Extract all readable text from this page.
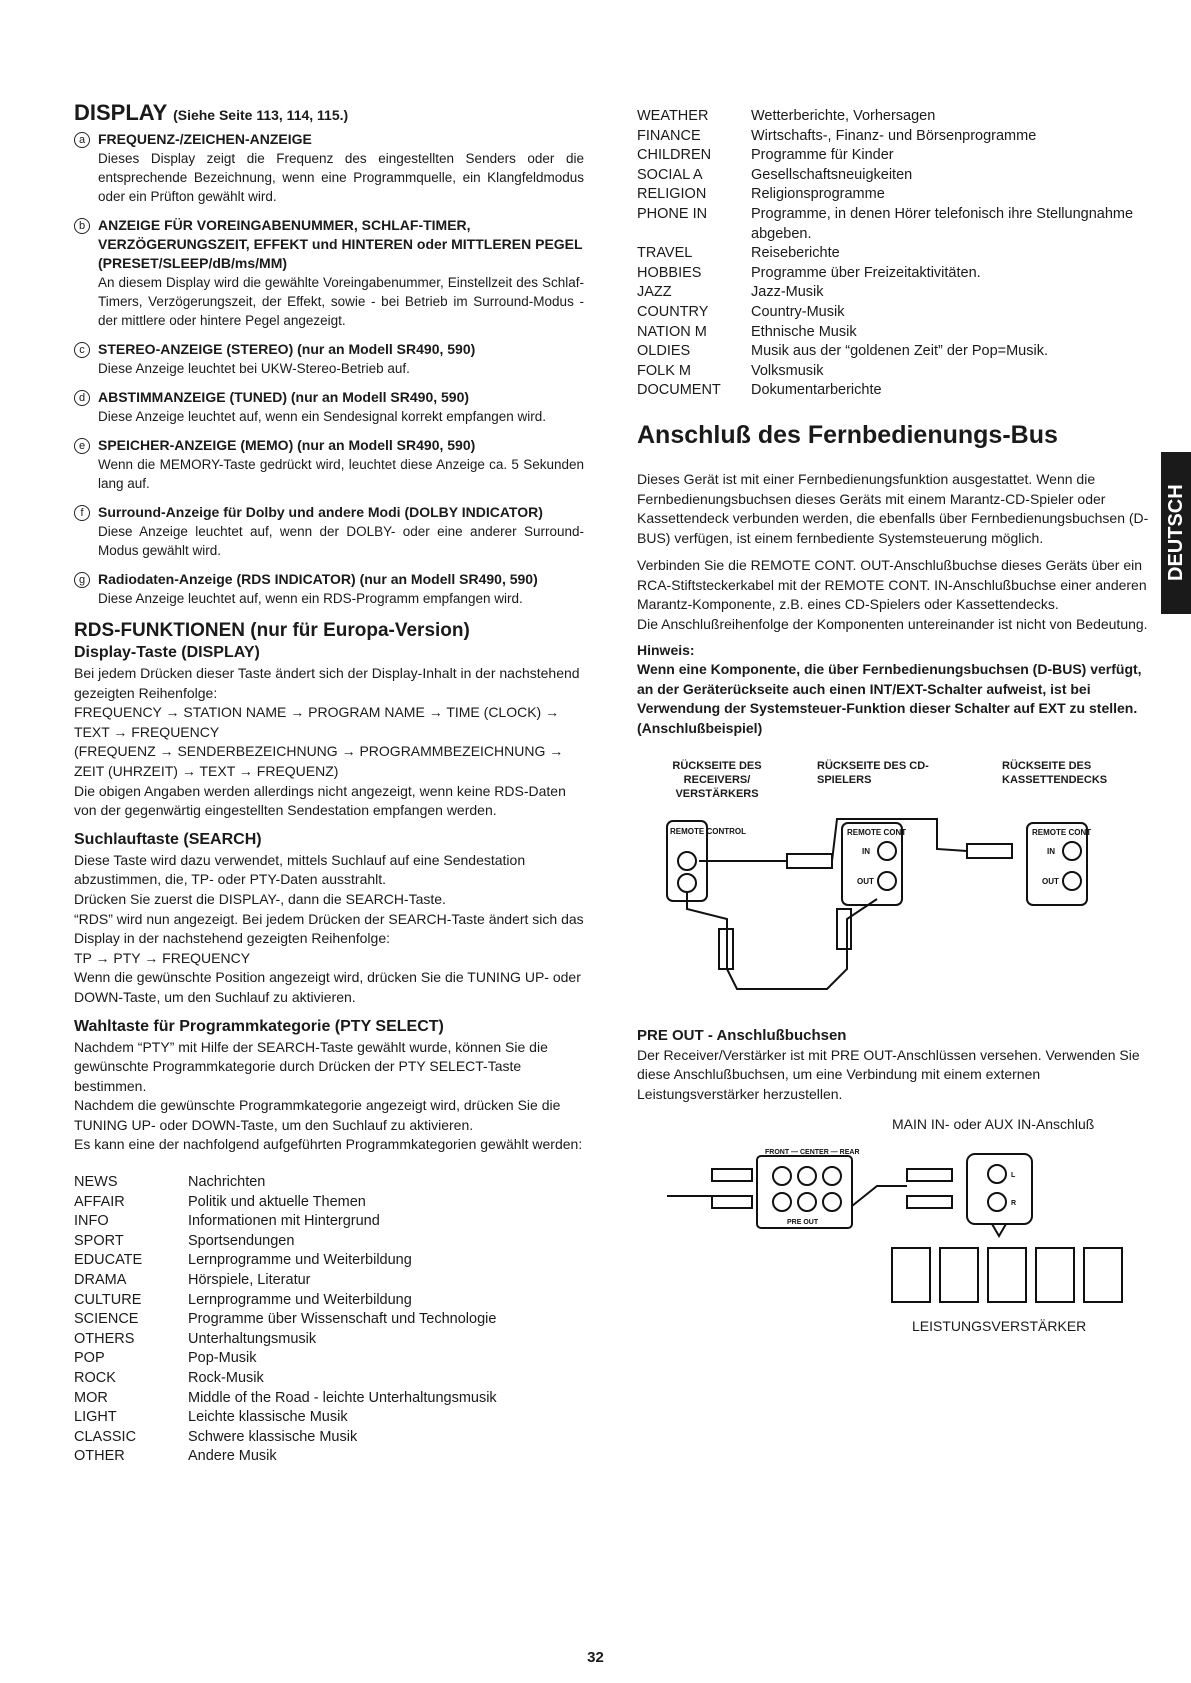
DISPLAY (Siehe Seite 113, 114, 115.)
a FREQUENZ-/ZEICHEN-ANZEIGE
Dieses Display zeigt die Frequenz des eingestellten Senders oder die entsprechende Bezeichnung, wenn eine Programmquelle, ein Klangfeldmodus oder ein Prüfton gewählt wird.
b ANZEIGE FÜR VOREINGABENUMMER, SCHLAF-TIMER, VERZÖGERUNGSZEIT, EFFEKT und HINTEREN oder MITTLEREN PEGEL (PRESET/SLEEP/dB/ms/MM)
An diesem Display wird die gewählte Voreingabenummer, Einstellzeit des Schlaf-Timers, Verzögerungszeit, der Effekt, sowie - bei Betrieb im Surround-Modus - der mittlere oder hintere Pegel angezeigt.
c STEREO-ANZEIGE (STEREO) (nur an Modell SR490, 590)
Diese Anzeige leuchtet bei UKW-Stereo-Betrieb auf.
d ABSTIMMANZEIGE (TUNED) (nur an Modell SR490, 590)
Diese Anzeige leuchtet auf, wenn ein Sendesignal korrekt empfangen wird.
e SPEICHER-ANZEIGE (MEMO) (nur an Modell SR490, 590)
Wenn die MEMORY-Taste gedrückt wird, leuchtet diese Anzeige ca. 5 Sekunden lang auf.
f	Surround-Anzeige für Dolby und andere Modi (DOLBY INDICATOR)
Diese Anzeige leuchtet auf, wenn der DOLBY- oder eine anderer Surround-Modus gewählt wird.
g Radiodaten-Anzeige (RDS INDICATOR) (nur an Modell SR490, 590)
Diese Anzeige leuchtet auf, wenn ein RDS-Programm empfangen wird.
RDS-FUNKTIONEN (nur für Europa-Version)
Display-Taste (DISPLAY)

Bei jedem Drücken dieser Taste ändert sich der Display-Inhalt in der nachstehend gezeigten Reihenfolge:

FREQUENCY → STATION NAME → PROGRAM NAME → TIME (CLOCK) → TEXT → FREQUENCY

(FREQUENZ → SENDERBEZEICHNUNG → PROGRAMMBEZEICHNUNG → ZEIT (UHRZEIT) → TEXT → FREQUENZ)

Die obigen Angaben werden allerdings nicht angezeigt, wenn keine RDS-Daten von der gegenwärtig eingestellten Sendestation empfangen werden.

Suchlauftaste (SEARCH)

Diese Taste wird dazu verwendet, mittels Suchlauf auf eine Sendestation abzustimmen, die, TP- oder PTY-Daten ausstrahlt.

Drücken Sie zuerst die DISPLAY-, dann die SEARCH-Taste.

“RDS” wird nun angezeigt. Bei jedem Drücken der SEARCH-Taste ändert sich das Display in der nachstehend gezeigten Reihenfolge:

TP → PTY → FREQUENCY

Wenn die gewünschte Position angezeigt wird, drücken Sie die TUNING UP- oder DOWN-Taste, um den Suchlauf zu aktivieren.

Wahltaste für Programmkategorie (PTY SELECT)

Nachdem “PTY” mit Hilfe der SEARCH-Taste gewählt wurde, können Sie die gewünschte Programmkategorie durch Drücken der PTY SELECT-Taste bestimmen.

Nachdem die gewünschte Programmkategorie angezeigt wird, drücken Sie die TUNING UP- oder DOWN-Taste, um den Suchlauf zu aktivieren.

Es kann eine der nachfolgend aufgeführten Programmkategorien gewählt werden:

NEWS	Nachrichten
AFFAIR	Politik und aktuelle Themen
INFO	Informationen mit Hintergrund
SPORT	Sportsendungen
EDUCATE	Lernprogramme und Weiterbildung
DRAMA	Hörspiele, Literatur
CULTURE	Lernprogramme und Weiterbildung
SCIENCE	Programme über Wissenschaft und Technologie
OTHERS	Unterhaltungsmusik
POP	Pop-Musik
ROCK	Rock-Musik
MOR	Middle of the Road - leichte Unterhaltungsmusik
LIGHT	Leichte klassische Musik
CLASSIC	Schwere klassische Musik
OTHER	Andere Musik
WEATHER	Wetterberichte, Vorhersagen
FINANCE	Wirtschafts-, Finanz- und Börsenprogramme
CHILDREN	Programme für Kinder
SOCIAL A	Gesellschaftsneuigkeiten
RELIGION	Religionsprogramme
PHONE IN	Programme, in denen Hörer telefonisch ihre Stellungnahme abgeben.
TRAVEL	Reiseberichte
HOBBIES	Programme über Freizeitaktivitäten.
JAZZ	Jazz-Musik
COUNTRY	Country-Musik
NATION M	Ethnische Musik
OLDIES	Musik aus der “goldenen Zeit” der Pop=Musik.
FOLK M	Volksmusik
DOCUMENT	Dokumentarberichte
Anschluß des Fernbedienungs-Bus

Dieses Gerät ist mit einer Fernbedienungsfunktion ausgestattet. Wenn die Fernbedienungsbuchsen dieses Geräts mit einem Marantz-CD-Spieler oder Kassettendeck verbunden werden, die ebenfalls über Fernbedienungsbuchsen (D-BUS) verfügen, ist einem fernbediente Systemsteuerung möglich.

Verbinden Sie die REMOTE CONT. OUT-Anschlußbuchse dieses Geräts über ein RCA-Stiftsteckerkabel mit der REMOTE CONT. IN-Anschlußbuchse einer anderen Marantz-Komponente, z.B. eines CD-Spielers oder Kassettendecks.

Die Anschlußreihenfolge der Komponenten untereinander ist nicht von Bedeutung.

Hinweis:
Wenn eine Komponente, die über Fernbedienungsbuchsen (D-BUS) verfügt, an der Geräterückseite auch einen INT/EXT-Schalter aufweist, ist bei Verwendung der Systemsteuer-Funktion dieser Schalter auf EXT zu stellen.
(Anschlußbeispiel)
RÜCKSEITE DES RECEIVERS/ VERSTÄRKERS
RÜCKSEITE DES CD-SPIELERS
RÜCKSEITE DES KASSETTENDECKS
REMOTE CONTROL	REMOTE CONT	REMOTE CONT
IN
OUT
IN
OUT
PRE OUT - Anschlußbuchsen

Der Receiver/Verstärker ist mit PRE OUT-Anschlüssen versehen. Verwenden Sie diese Anschlußbuchsen, um eine Verbindung mit einem externen Leistungsverstärker herzustellen.

MAIN IN- oder AUX IN-Anschluß
FRONT — CENTER — REAR
PRE OUT
L
R
LEISTUNGSVERSTÄRKER
DEUTSCH
32
